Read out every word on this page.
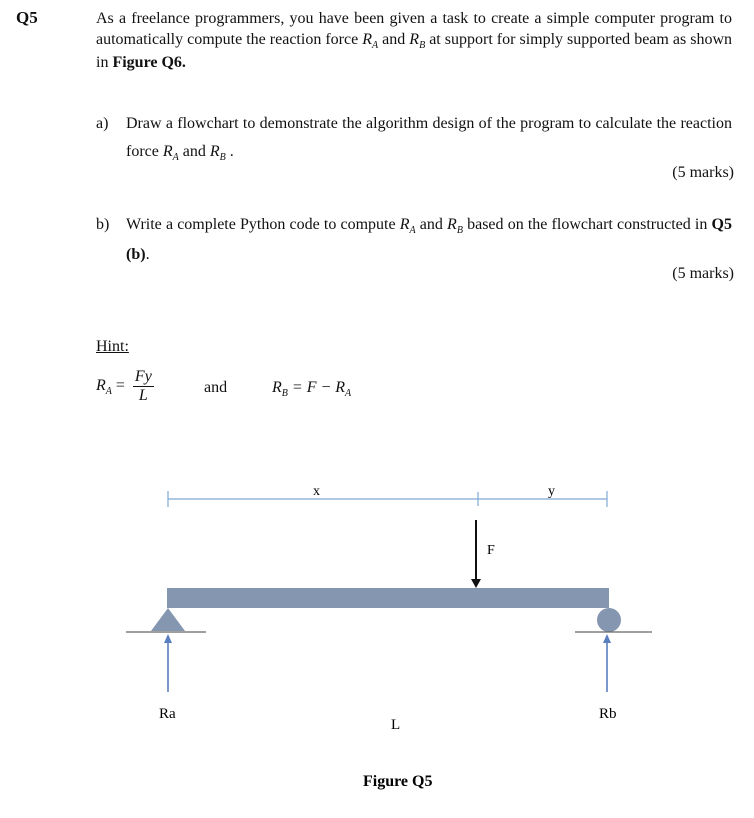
Q5	As a freelance programmers, you have been given a task to create a simple computer program to automatically compute the reaction force $R_A$ and $R_B$ at support for simply supported beam as shown in Figure Q6.
a)	Draw a flowchart to demonstrate the algorithm design of the program to calculate the reaction force $R_A$ and $R_B$ .
(5 marks)
b)	Write a complete Python code to compute $R_A$ and $R_B$ based on the flowchart constructed in Q5 (b).
(5 marks)
Hint:
$R_A = \frac{Fy}{L}$	and	$R_B = F - R_A$
x	y
F
Ra	Rb
L
Figure Q5
